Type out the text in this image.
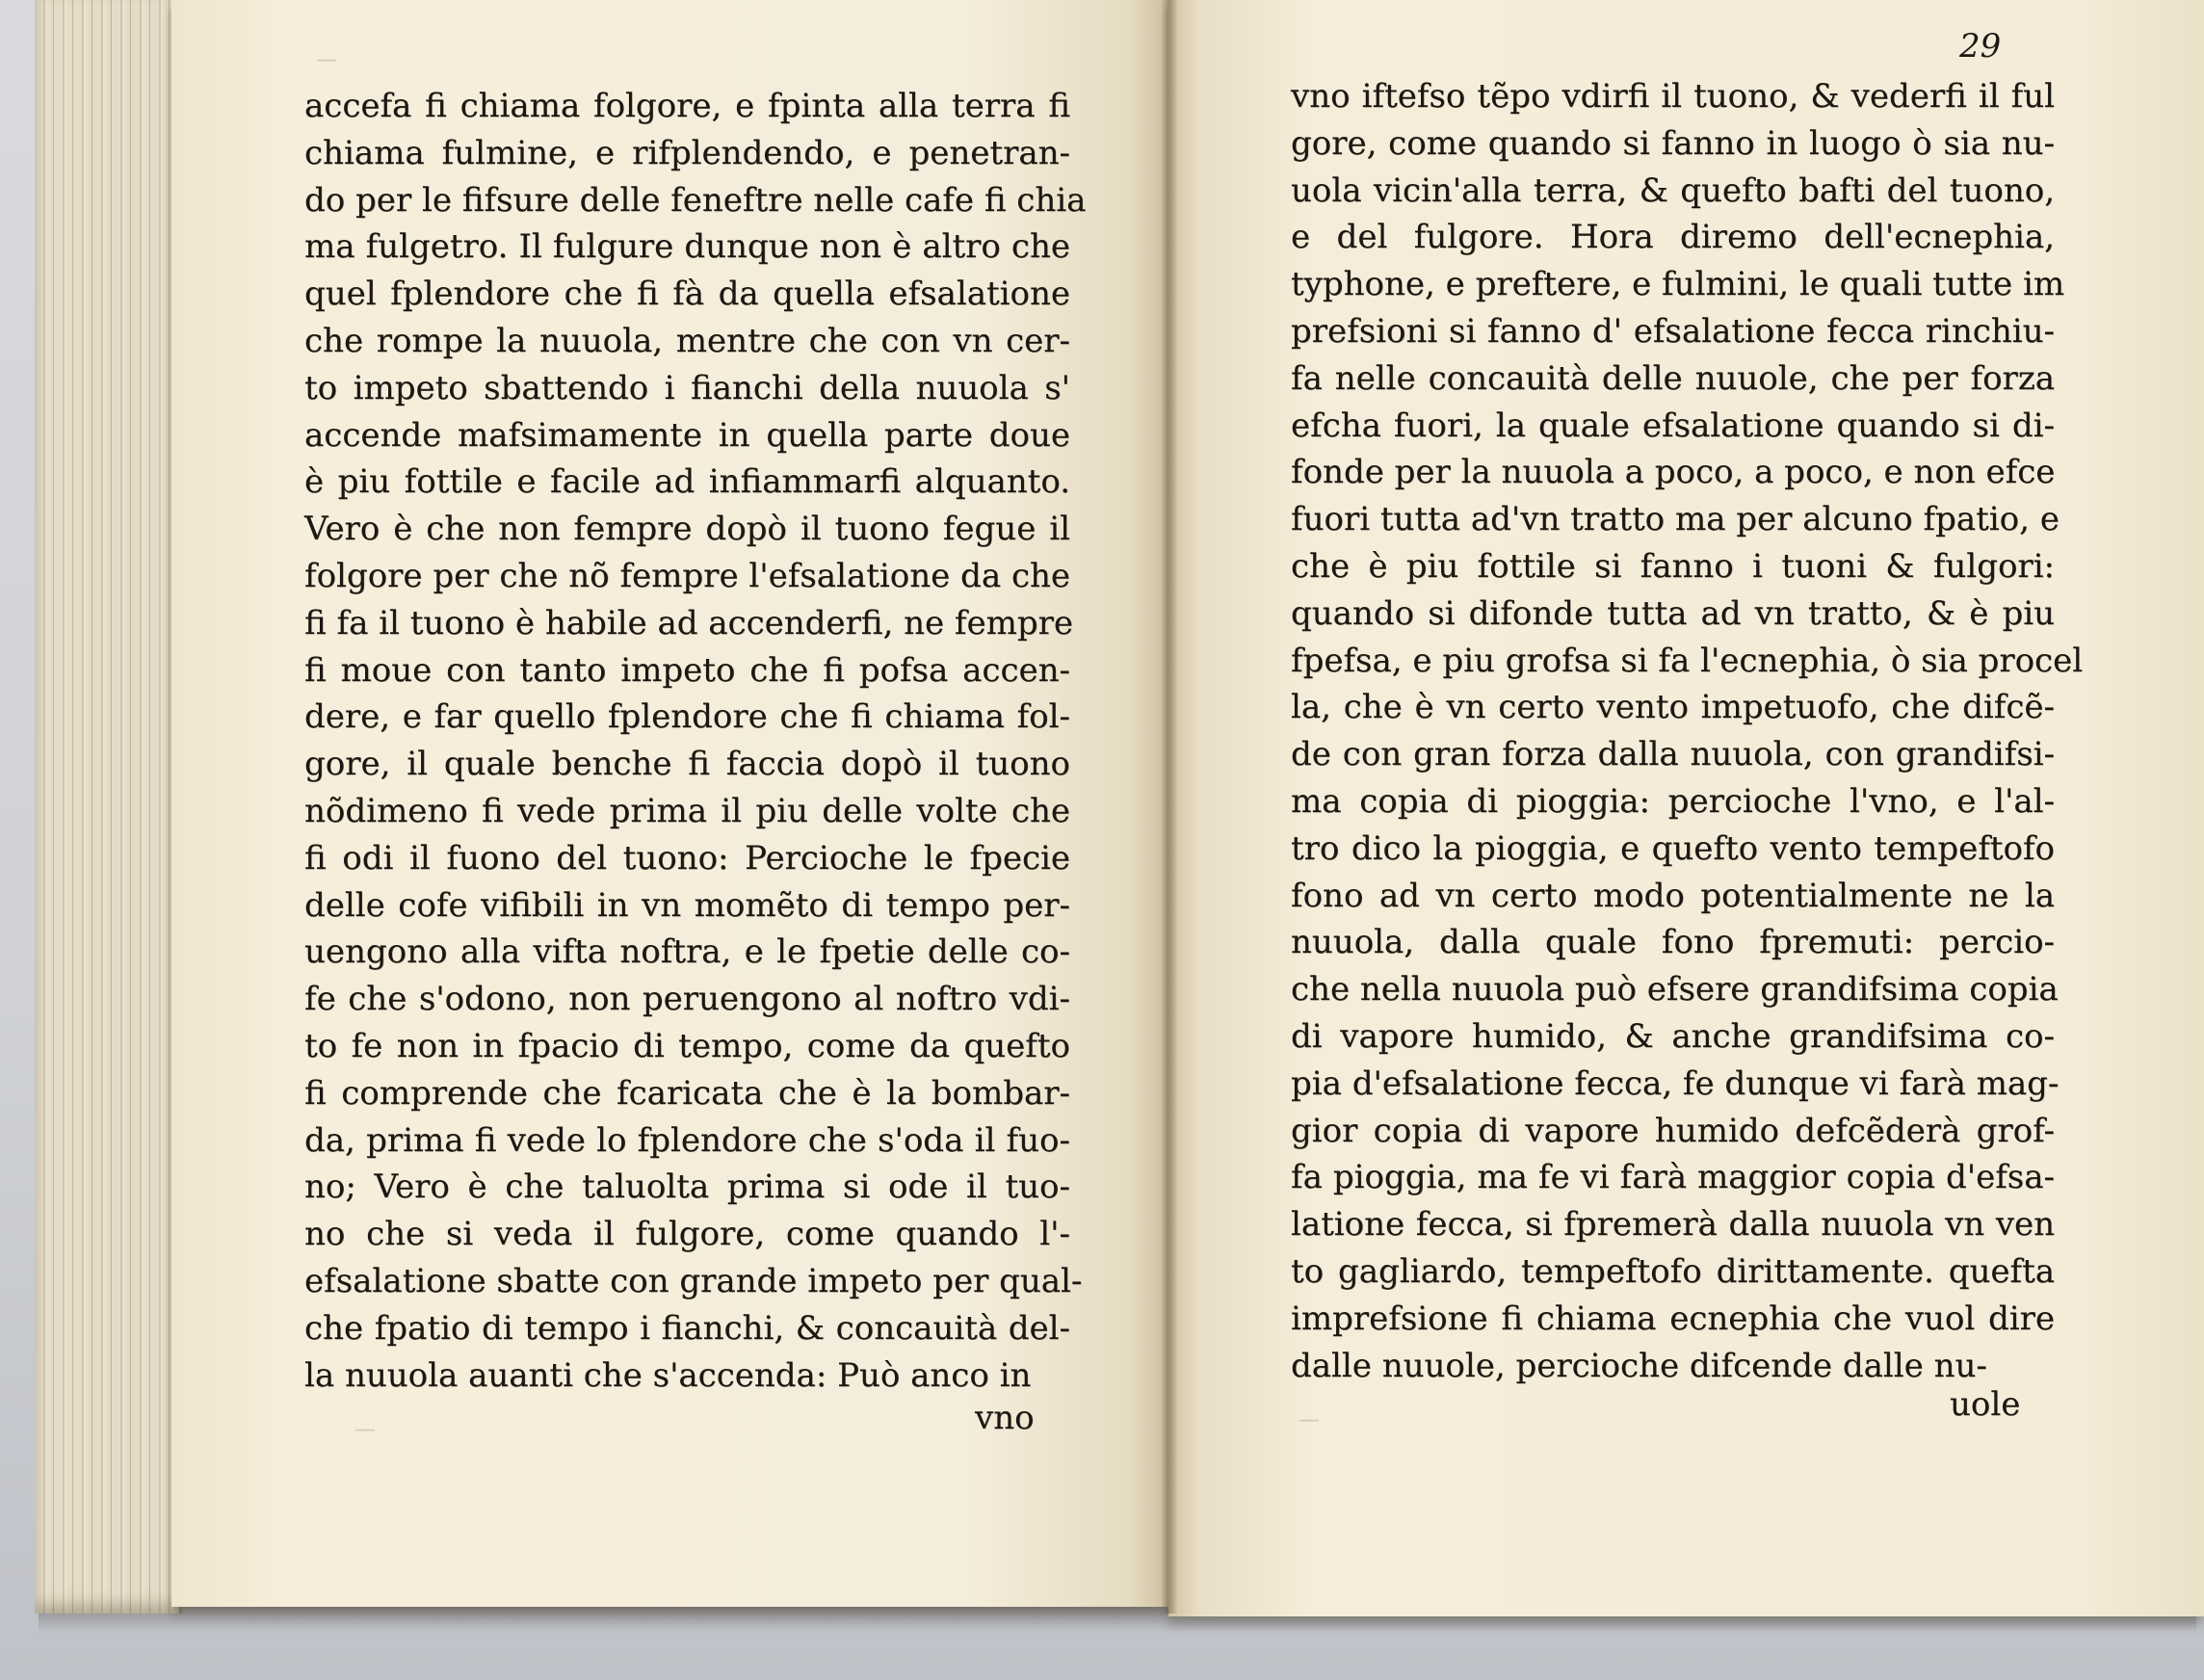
accefa fi chiama folgore, e fpinta alla terra fi
chiama fulmine, e rifplendendo, e penetran-
do per le fifsure delle feneftre nelle cafe fi chia
ma fulgetro. Il fulgure dunque non è altro che
quel fplendore che fi fà da quella efsalatione
che rompe la nuuola, mentre che con vn cer-
to impeto sbattendo i fianchi della nuuola s'
accende mafsimamente in quella parte doue
è piu fottile e facile ad infiammarfi alquanto.
Vero è che non fempre dopò il tuono fegue il
folgore per che nõ fempre l'efsalatione da che
fi fa il tuono è habile ad accenderfi, ne fempre
fi moue con tanto impeto che fi pofsa accen-
dere, e far quello fplendore che fi chiama fol-
gore, il quale benche fi faccia dopò il tuono
nõdimeno fi vede prima il piu delle volte che
fi odi il fuono del tuono: Percioche le fpecie
delle cofe vifibili in vn momẽto di tempo per-
uengono alla vifta noftra, e le fpetie delle co-
fe che s'odono, non peruengono al noftro vdi-
to fe non in fpacio di tempo, come da quefto
fi comprende che fcaricata che è la bombar-
da, prima fi vede lo fplendore che s'oda il fuo-
no; Vero è che taluolta prima si ode il tuo-
no che si veda il fulgore, come quando l'-
efsalatione sbatte con grande impeto per qual-
che fpatio di tempo i fianchi, & concauità del-
la nuuola auanti che s'accenda: Può anco in
vno
29
vno iftefso tẽpo vdirfi il tuono, & vederfi il ful
gore, come quando si fanno in luogo ò sia nu-
uola vicin'alla terra, & quefto bafti del tuono,
e del fulgore. Hora diremo dell'ecnephia,
typhone, e preftere, e fulmini, le quali tutte im
prefsioni si fanno d' efsalatione fecca rinchiu-
fa nelle concauità delle nuuole, che per forza
efcha fuori, la quale efsalatione quando si di-
fonde per la nuuola a poco, a poco, e non efce
fuori tutta ad'vn tratto ma per alcuno fpatio, e
che è piu fottile si fanno i tuoni & fulgori:
quando si difonde tutta ad vn tratto, & è piu
fpefsa, e piu grofsa si fa l'ecnephia, ò sia procel
la, che è vn certo vento impetuofo, che difcẽ-
de con gran forza dalla nuuola, con grandifsi-
ma copia di pioggia: percioche l'vno, e l'al-
tro dico la pioggia, e quefto vento tempeftofo
fono ad vn certo modo potentialmente ne la
nuuola, dalla quale fono fpremuti: percio-
che nella nuuola può efsere grandifsima copia
di vapore humido, & anche grandifsima co-
pia d'efsalatione fecca, fe dunque vi farà mag-
gior copia di vapore humido defcẽderà grof-
fa pioggia, ma fe vi farà maggior copia d'efsa-
latione fecca, si fpremerà dalla nuuola vn ven
to gagliardo, tempeftofo dirittamente. quefta
imprefsione fi chiama ecnephia che vuol dire
dalle nuuole, percioche difcende dalle nu-
uole
